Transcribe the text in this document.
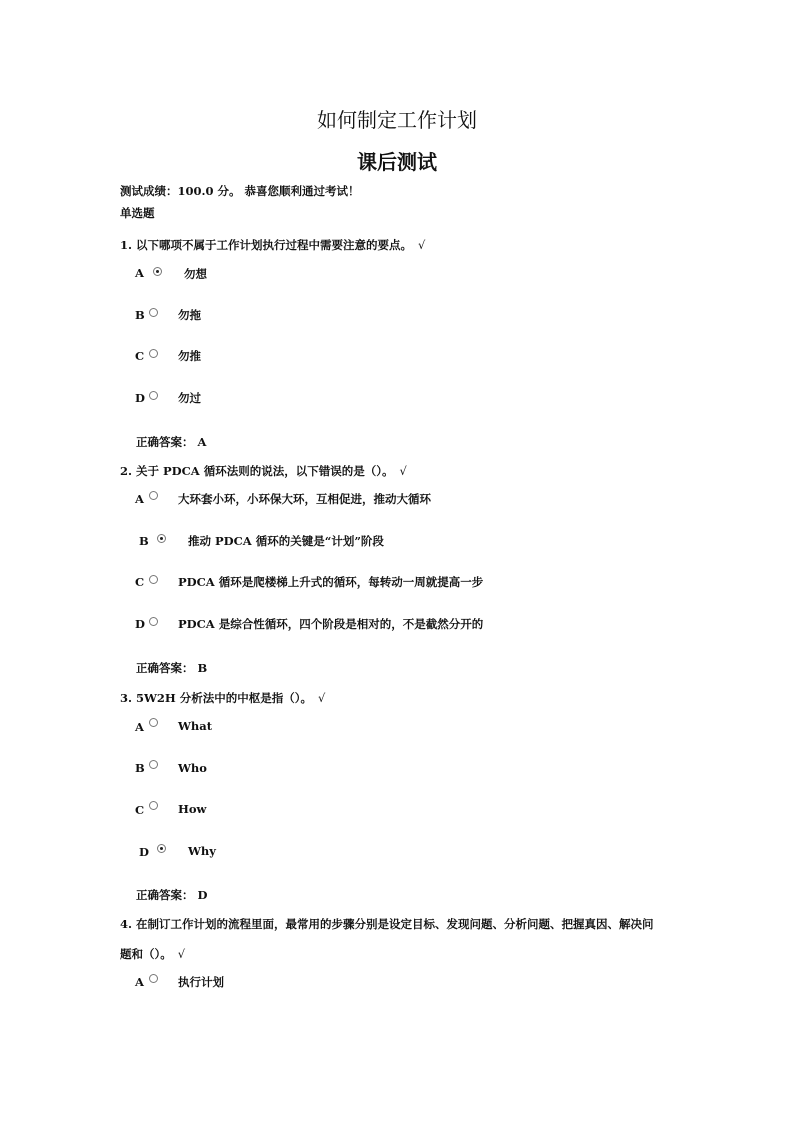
如何制定工作计划
课后测试
测试成绩：100.0 分。 恭喜您顺利通过考试！
单选题
1. 以下哪项不属于工作计划执行过程中需要注意的要点。 √
A	勿想
B	勿拖
C	勿推
D	勿过
正确答案： A
2. 关于 PDCA 循环法则的说法，以下错误的是（）。 √
A	大环套小环，小环保大环，互相促进，推动大循环
B	推动 PDCA 循环的关键是“计划”阶段
C	PDCA 循环是爬楼梯上升式的循环，每转动一周就提高一步
D	PDCA 是综合性循环，四个阶段是相对的，不是截然分开的
正确答案： B
3. 5W2H 分析法中的中枢是指（）。 √
A	What
B	Who
C	How
D	Why
正确答案： D
4. 在制订工作计划的流程里面，最常用的步骤分别是设定目标、发现问题、分析问题、把握真因、解决问
题和（）。 √
A	执行计划
